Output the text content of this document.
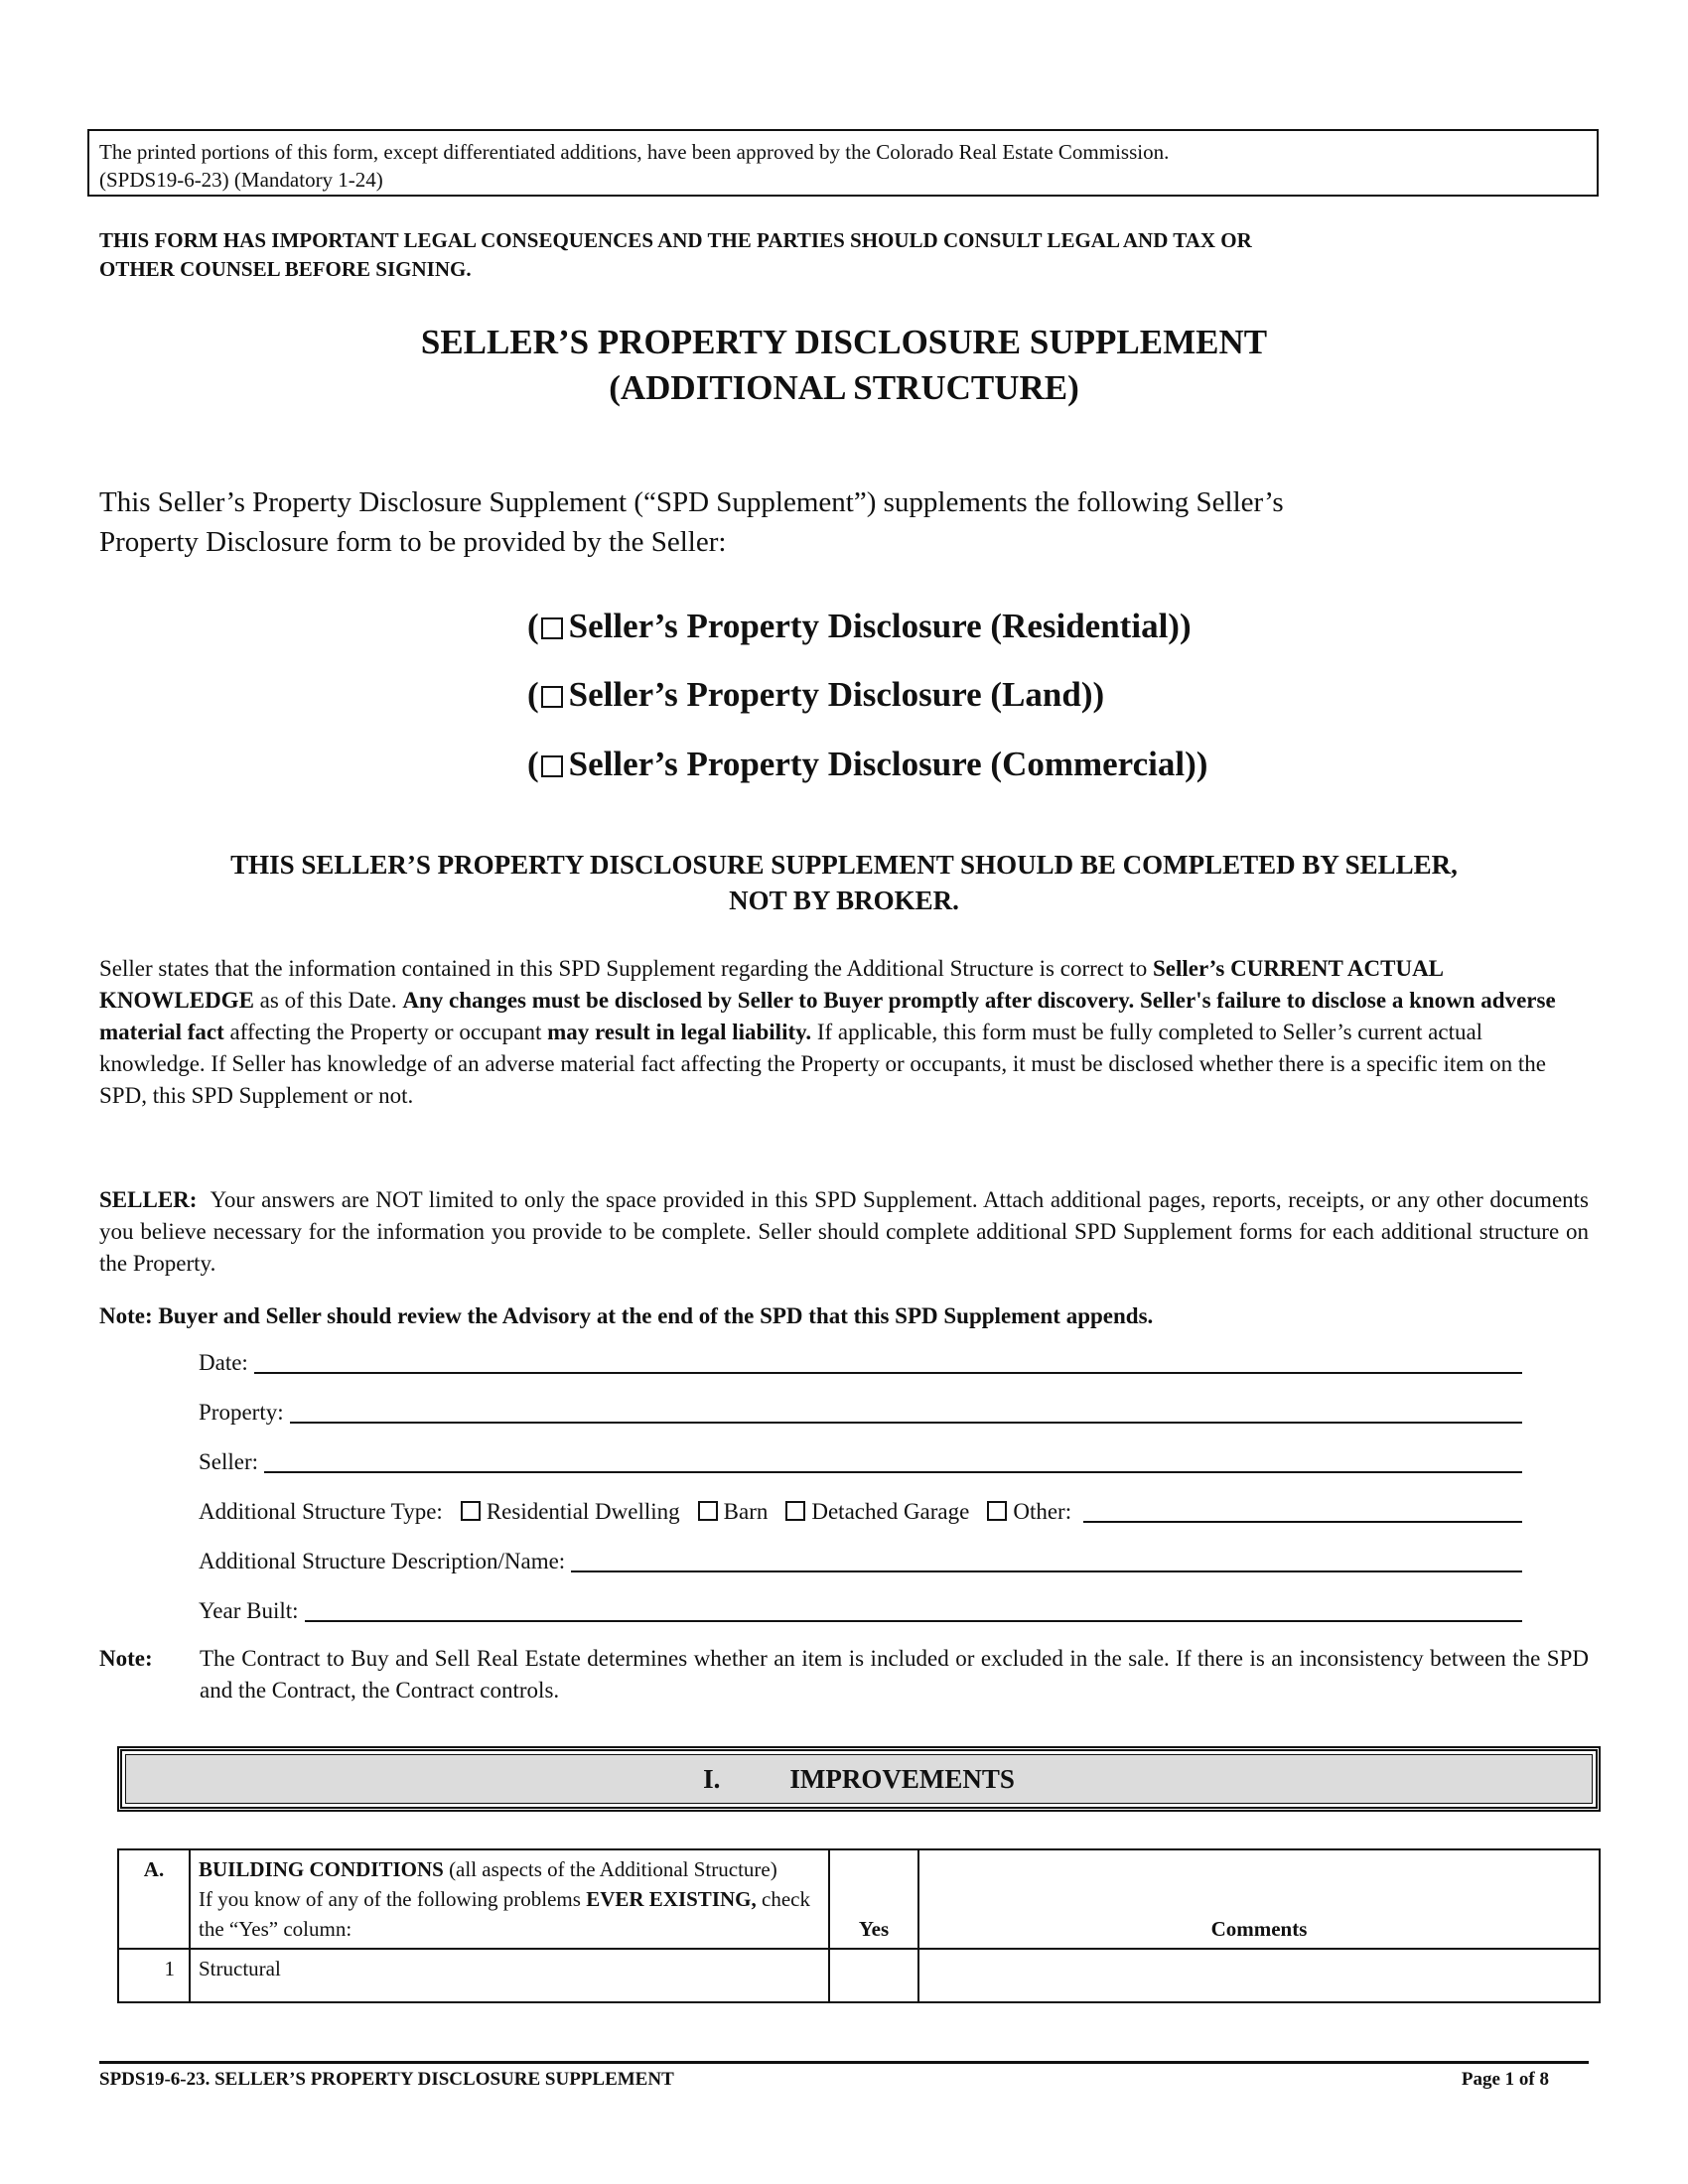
The printed portions of this form, except differentiated additions, have been approved by the Colorado Real Estate Commission.
(SPDS19-6-23) (Mandatory 1-24)
THIS FORM HAS IMPORTANT LEGAL CONSEQUENCES AND THE PARTIES SHOULD CONSULT LEGAL AND TAX OR
OTHER COUNSEL BEFORE SIGNING.
SELLER’S PROPERTY DISCLOSURE SUPPLEMENT
(ADDITIONAL STRUCTURE)
This Seller’s Property Disclosure Supplement (“SPD Supplement”) supplements the following Seller’s
Property Disclosure form to be provided by the Seller:
( Seller’s Property Disclosure (Residential))
( Seller’s Property Disclosure (Land))
( Seller’s Property Disclosure (Commercial))
THIS SELLER’S PROPERTY DISCLOSURE SUPPLEMENT SHOULD BE COMPLETED BY SELLER,
NOT BY BROKER.
Seller states that the information contained in this SPD Supplement regarding the Additional Structure is correct to Seller’s CURRENT ACTUAL KNOWLEDGE as of this Date. Any changes must be disclosed by Seller to Buyer promptly after discovery. Seller's failure to disclose a known adverse material fact affecting the Property or occupant may result in legal liability. If applicable, this form must be fully completed to Seller’s current actual knowledge. If Seller has knowledge of an adverse material fact affecting the Property or occupants, it must be disclosed whether there is a specific item on the SPD, this SPD Supplement or not.
SELLER: Your answers are NOT limited to only the space provided in this SPD Supplement. Attach additional pages, reports, receipts, or any other documents you believe necessary for the information you provide to be complete. Seller should complete additional SPD Supplement forms for each additional structure on the Property.
Note: Buyer and Seller should review the Advisory at the end of the SPD that this SPD Supplement appends.
Date:
Property:
Seller:
Additional Structure Type:	Residential Dwelling	Barn	Detached Garage	Other:
Additional Structure Description/Name:
Year Built:
Note:	The Contract to Buy and Sell Real Estate determines whether an item is included or excluded in the sale. If there is an inconsistency between the SPD and the Contract, the Contract controls.
I.	IMPROVEMENTS
A.	BUILDING CONDITIONS (all aspects of the Additional Structure)
If you know of any of the following problems EVER EXISTING, check the “Yes” column:	Yes	Comments
1	Structural		
SPDS19-6-23. SELLER’S PROPERTY DISCLOSURE SUPPLEMENT	Page 1 of 8
